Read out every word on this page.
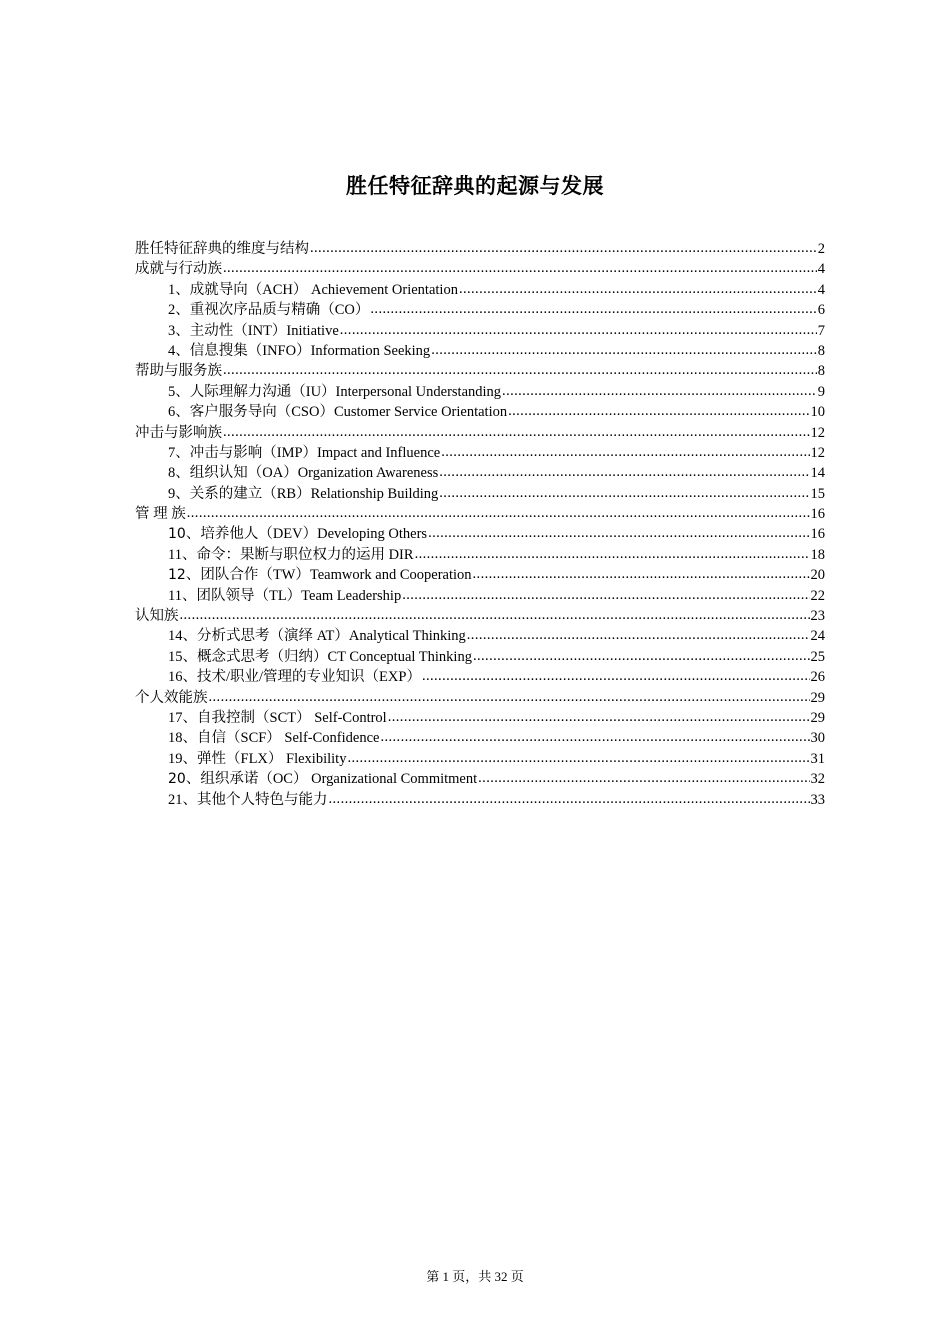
胜任特征辞典的起源与发展
胜任特征辞典的维度与结构 .....	2
成就与行动族 .....	4
1、成就导向（ACH） Achievement Orientation .....	4
2、重视次序品质与精确（CO） .....	6
3、主动性（INT）Initiative .....	7
4、信息搜集（INFO）Information Seeking .....	8
帮助与服务族 .....	8
5、人际理解力沟通（IU）Interpersonal Understanding .....	9
6、客户服务导向（CSO）Customer Service Orientation .....	10
冲击与影响族 .....	12
7、冲击与影响（IMP）Impact and Influence .....	12
8、组织认知（OA）Organization Awareness .....	14
9、关系的建立（RB）Relationship Building .....	15
管 理 族 .....	16
10、培养他人（DEV）Developing Others .....	16
11、命令：果断与职位权力的运用 DIR .....	18
12、团队合作（TW）Teamwork and Cooperation .....	20
11、团队领导（TL）Team Leadership .....	22
认知族 .....	23
14、分析式思考（演绎 AT）Analytical Thinking .....	24
15、概念式思考（归纳）CT Conceptual Thinking .....	25
16、技术/职业/管理的专业知识（EXP） .....	26
个人效能族 .....	29
17、自我控制（SCT） Self-Control .....	29
18、自信（SCF） Self-Confidence .....	30
19、弹性（FLX） Flexibility .....	31
20、组织承诺（OC） Organizational Commitment .....	32
21、其他个人特色与能力 .....	33
第 1 页，共 32 页
